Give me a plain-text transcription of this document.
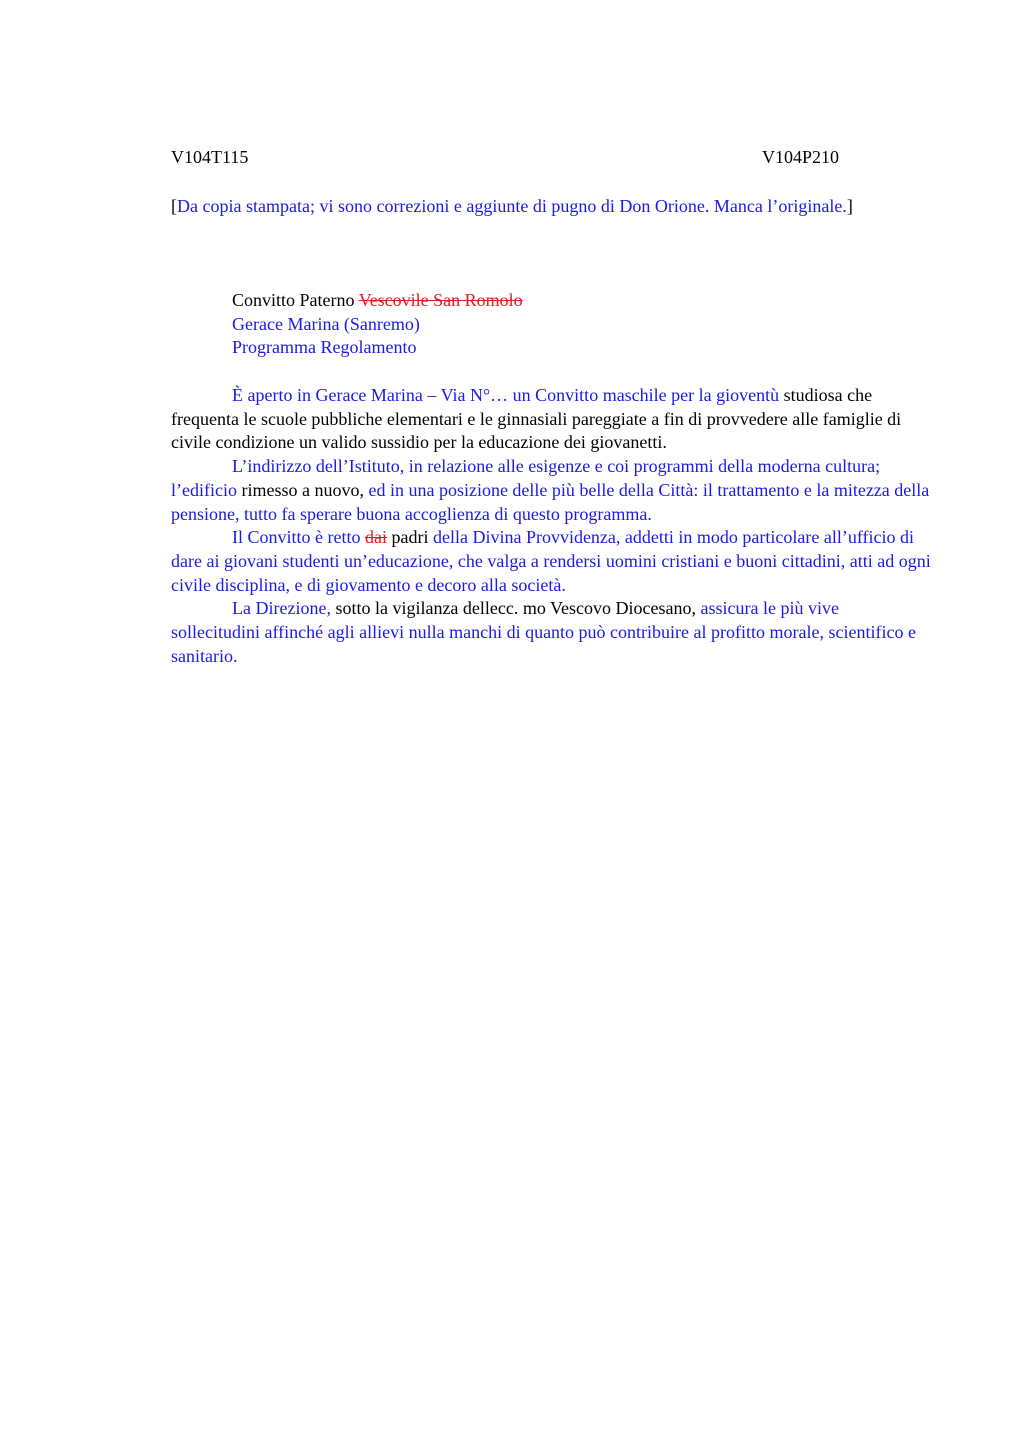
V104T115	V104P210
[Da copia stampata; vi sono correzioni e aggiunte di pugno di Don Orione. Manca l’originale.]
Convitto Paterno Vescovile San Romolo
Gerace Marina (Sanremo)
Programma Regolamento

È aperto in Gerace Marina – Via N°… un Convitto maschile per la gioventù studiosa che frequenta le scuole pubbliche elementari e le ginnasiali pareggiate a fin di provvedere alle famiglie di civile condizione un valido sussidio per la educazione dei giovanetti.

L’indirizzo dell’Istituto, in relazione alle esigenze e coi programmi della moderna cultura; l’edificio rimesso a nuovo, ed in una posizione delle più belle della Città: il trattamento e la mitezza della pensione, tutto fa sperare buona accoglienza di questo programma.

Il Convitto è retto dai padri della Divina Provvidenza, addetti in modo particolare all’ufficio di dare ai giovani studenti un’educazione, che valga a rendersi uomini cristiani e buoni cittadini, atti ad ogni civile disciplina, e di giovamento e decoro alla società.

La Direzione, sotto la vigilanza dellecc. mo Vescovo Diocesano, assicura le più vive sollecitudini affinché agli allievi nulla manchi di quanto può contribuire al profitto morale, scientifico e sanitario.
